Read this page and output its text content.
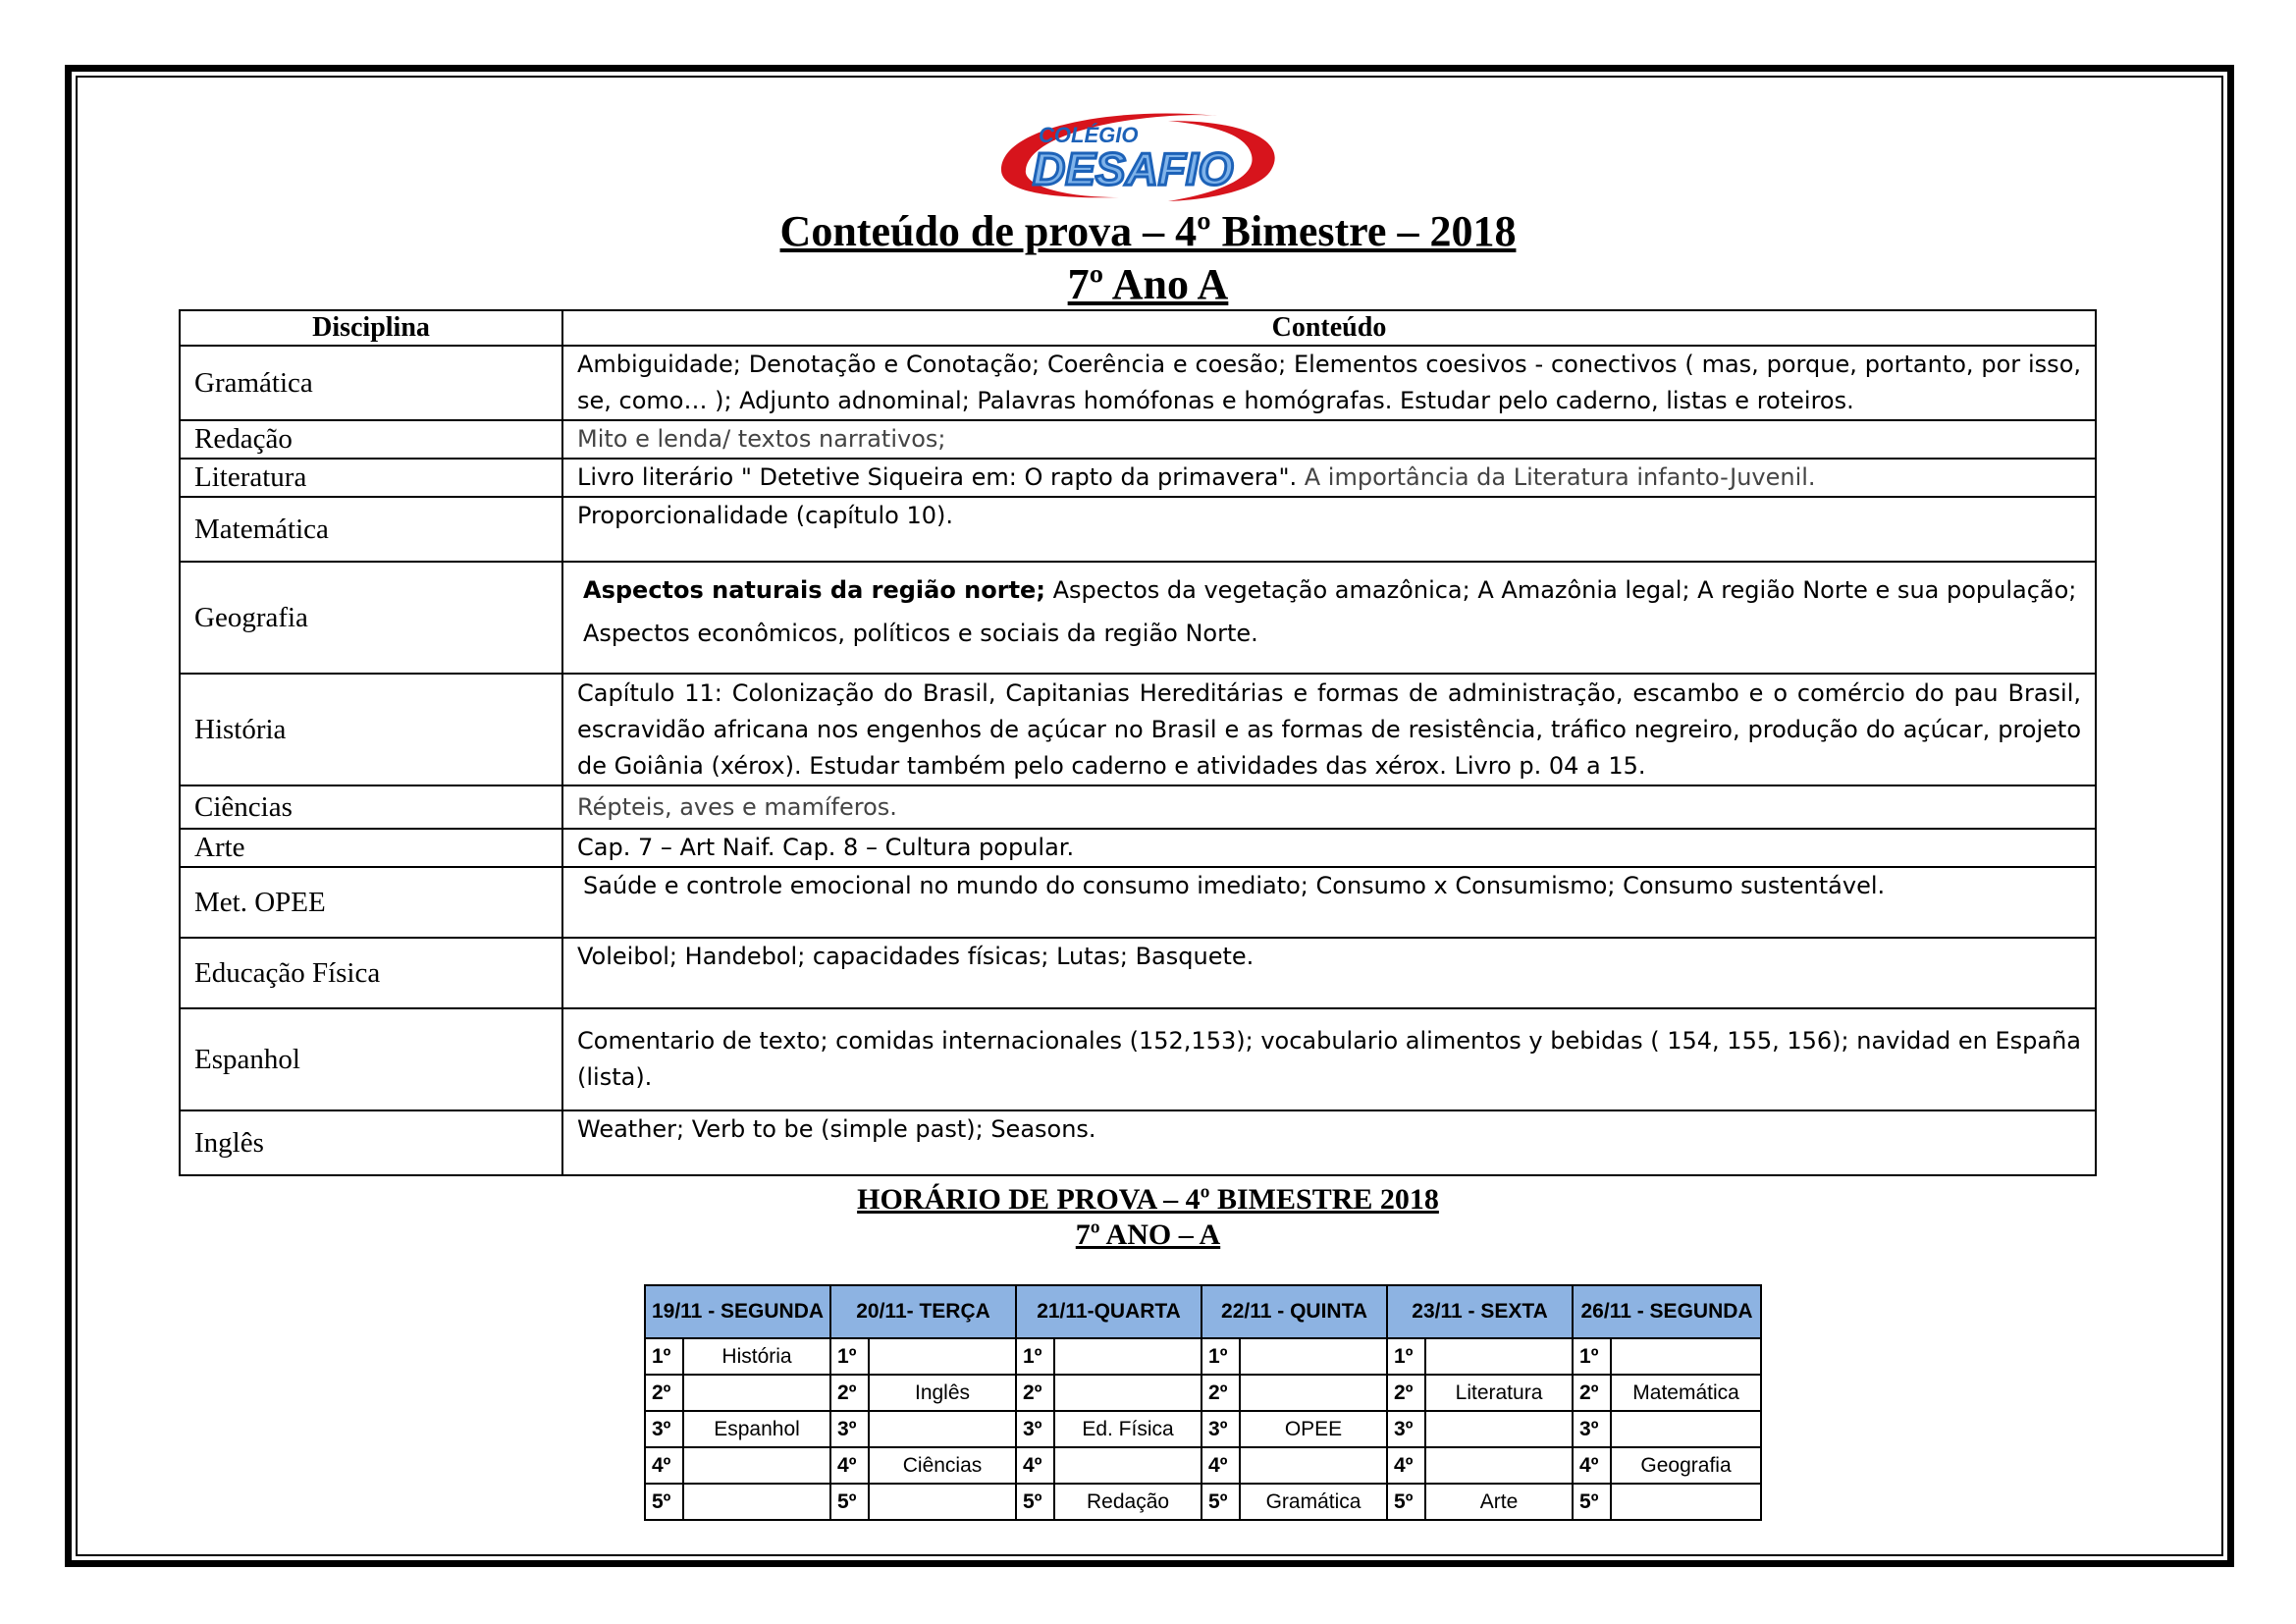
COLÉGIO
DESAFIO
Conteúdo de prova – 4º Bimestre – 2018
7º Ano A
Disciplina	Conteúdo
Gramática	Ambiguidade; Denotação e Conotação; Coerência e coesão; Elementos coesivos - conectivos ( mas, porque, portanto, por isso, se, como… ); Adjunto adnominal; Palavras homófonas e homógrafas. Estudar pelo caderno, listas e roteiros.
Redação	Mito e lenda/ textos narrativos;
Literatura	Livro literário " Detetive Siqueira em: O rapto da primavera". A importância da Literatura infanto-Juvenil.
Matemática	Proporcionalidade (capítulo 10).
Geografia	Aspectos naturais da região norte; Aspectos da vegetação amazônica; A Amazônia legal; A região Norte e sua população; Aspectos econômicos, políticos e sociais da região Norte.
História	Capítulo 11: Colonização do Brasil, Capitanias Hereditárias e formas de administração, escambo e o comércio do pau Brasil, escravidão africana nos engenhos de açúcar no Brasil e as formas de resistência, tráfico negreiro, produção do açúcar, projeto de Goiânia (xérox). Estudar também pelo caderno e atividades das xérox. Livro p. 04 a 15.
Ciências	Répteis, aves e mamíferos.
Arte	Cap. 7 – Art Naif. Cap. 8 – Cultura popular.
Met. OPEE	Saúde e controle emocional no mundo do consumo imediato; Consumo x Consumismo; Consumo sustentável.
Educação Física	Voleibol; Handebol; capacidades físicas; Lutas; Basquete.
Espanhol	Comentario de texto; comidas internacionales (152,153); vocabulario alimentos y bebidas ( 154, 155, 156); navidad en España (lista).
Inglês	Weather; Verb to be (simple past); Seasons.
HORÁRIO DE PROVA – 4º BIMESTRE 2018
7º ANO – A
19/11 - SEGUNDA		20/11- TERÇA		21/11-QUARTA		22/11 - QUINTA		23/11 - SEXTA		26/11 - SEGUNDA	
1º	História	1º		1º		1º		1º		1º	
2º		2º	Inglês	2º		2º		2º	Literatura	2º	Matemática
3º	Espanhol	3º		3º	Ed. Física	3º	OPEE	3º		3º	
4º		4º	Ciências	4º		4º		4º		4º	Geografia
5º		5º		5º	Redação	5º	Gramática	5º	Arte	5º	
